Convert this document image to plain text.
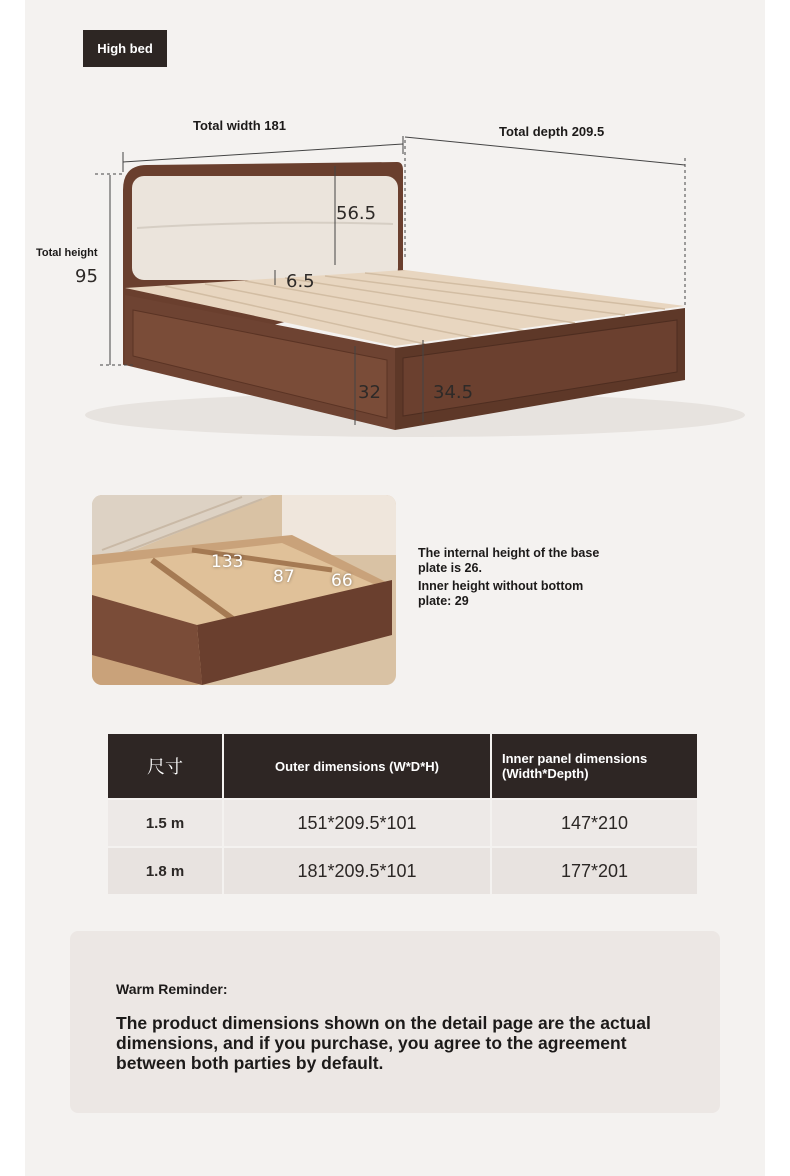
High bed
Total width 181	Total depth 209.5
Total height
95
56.5
6.5
32	34.5
133
87 66
The internal height of the base plate is 26.
Inner height without bottom plate: 29
尺寸	Outer dimensions (W*D*H)	Inner panel dimensions (Width*Depth)
1.5 m	151*209.5*101	147*210
1.8 m	181*209.5*101	177*201
Warm Reminder:
The product dimensions shown on the detail page are the actual dimensions, and if you purchase, you agree to the agreement between both parties by default.
